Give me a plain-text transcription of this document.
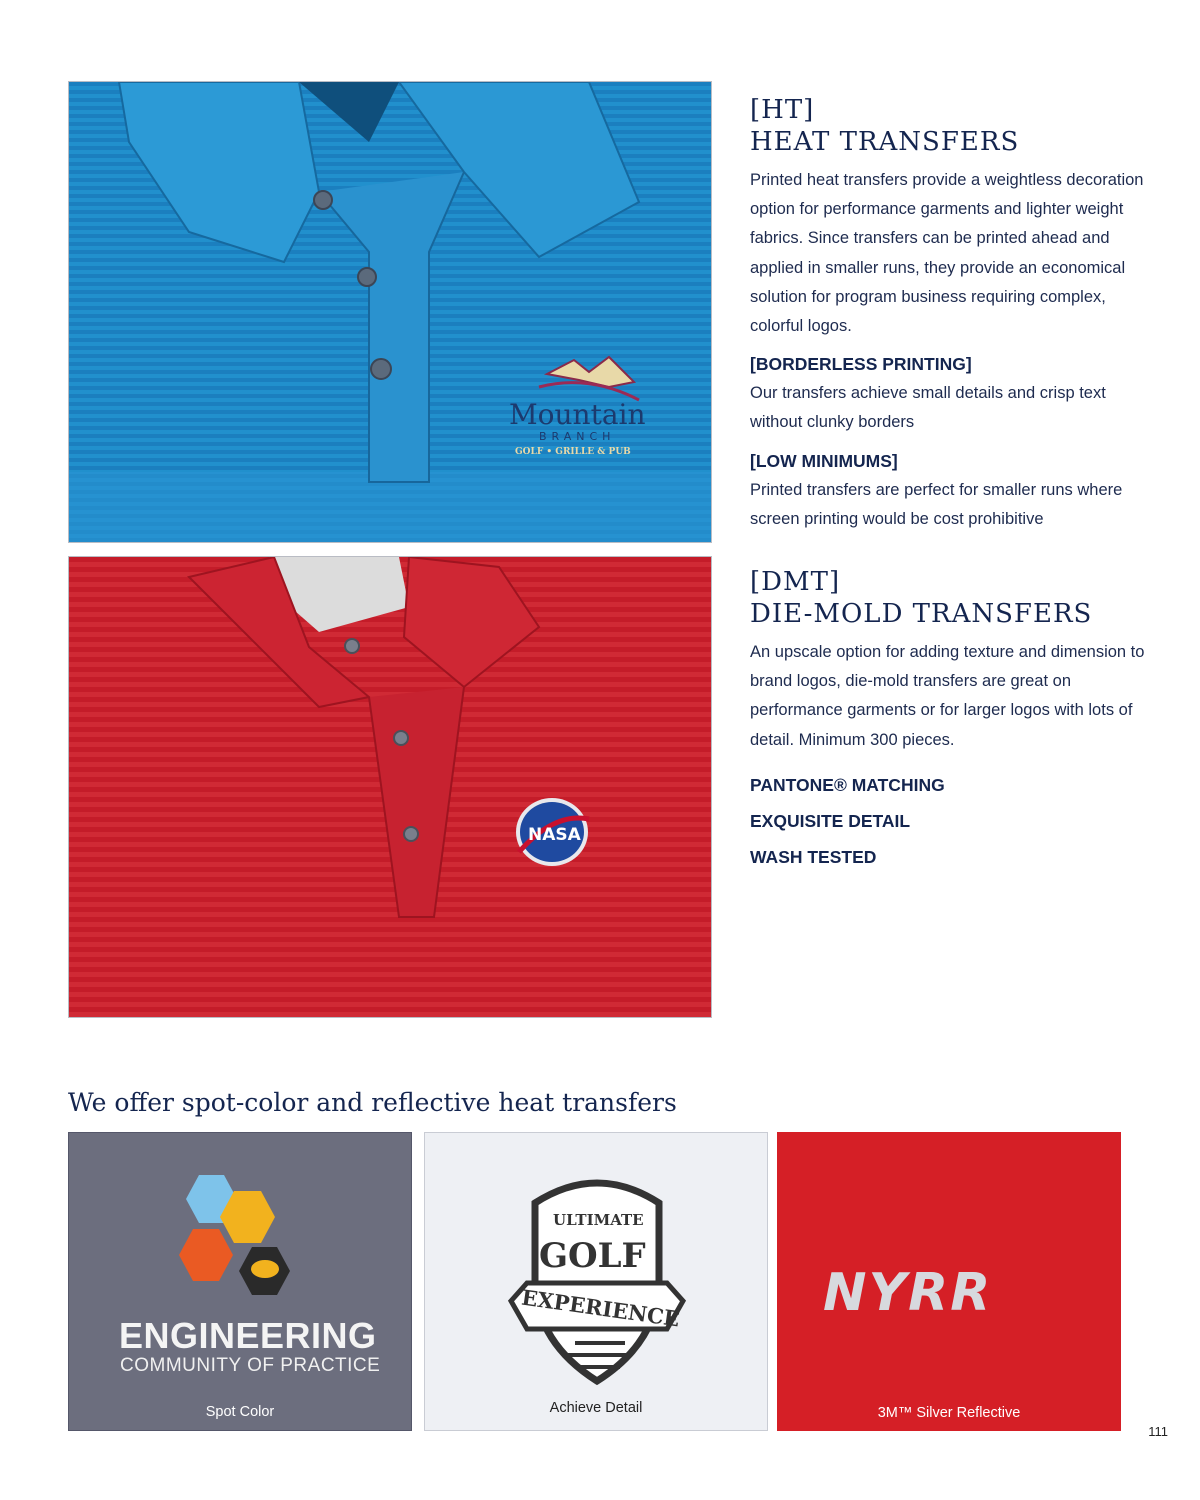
Mountain
BRANCH
GOLF • GRILLE & PUB
NASA
[HT]
HEAT TRANSFERS

Printed heat transfers provide a weightless decoration option for performance garments and lighter weight fabrics. Since transfers can be printed ahead and applied in smaller runs, they provide an economical solution for program business requiring complex, colorful logos.

[BORDERLESS PRINTING]

Our transfers achieve small details and crisp text without clunky borders

[LOW MINIMUMS]

Printed transfers are perfect for smaller runs where screen printing would be cost prohibitive

[DMT]
DIE-MOLD TRANSFERS

An upscale option for adding texture and dimension to brand logos, die-mold transfers are great on performance garments or for larger logos with lots of detail. Minimum 300 pieces.

PANTONE® MATCHING

EXQUISITE DETAIL

WASH TESTED

We offer spot-color and reflective heat transfers
ENGINEERING
COMMUNITY OF PRACTICE
Spot Color
ULTIMATE
GOLF
EXPERIENCE
Achieve Detail
NYRR
3M™ Silver Reflective
111
